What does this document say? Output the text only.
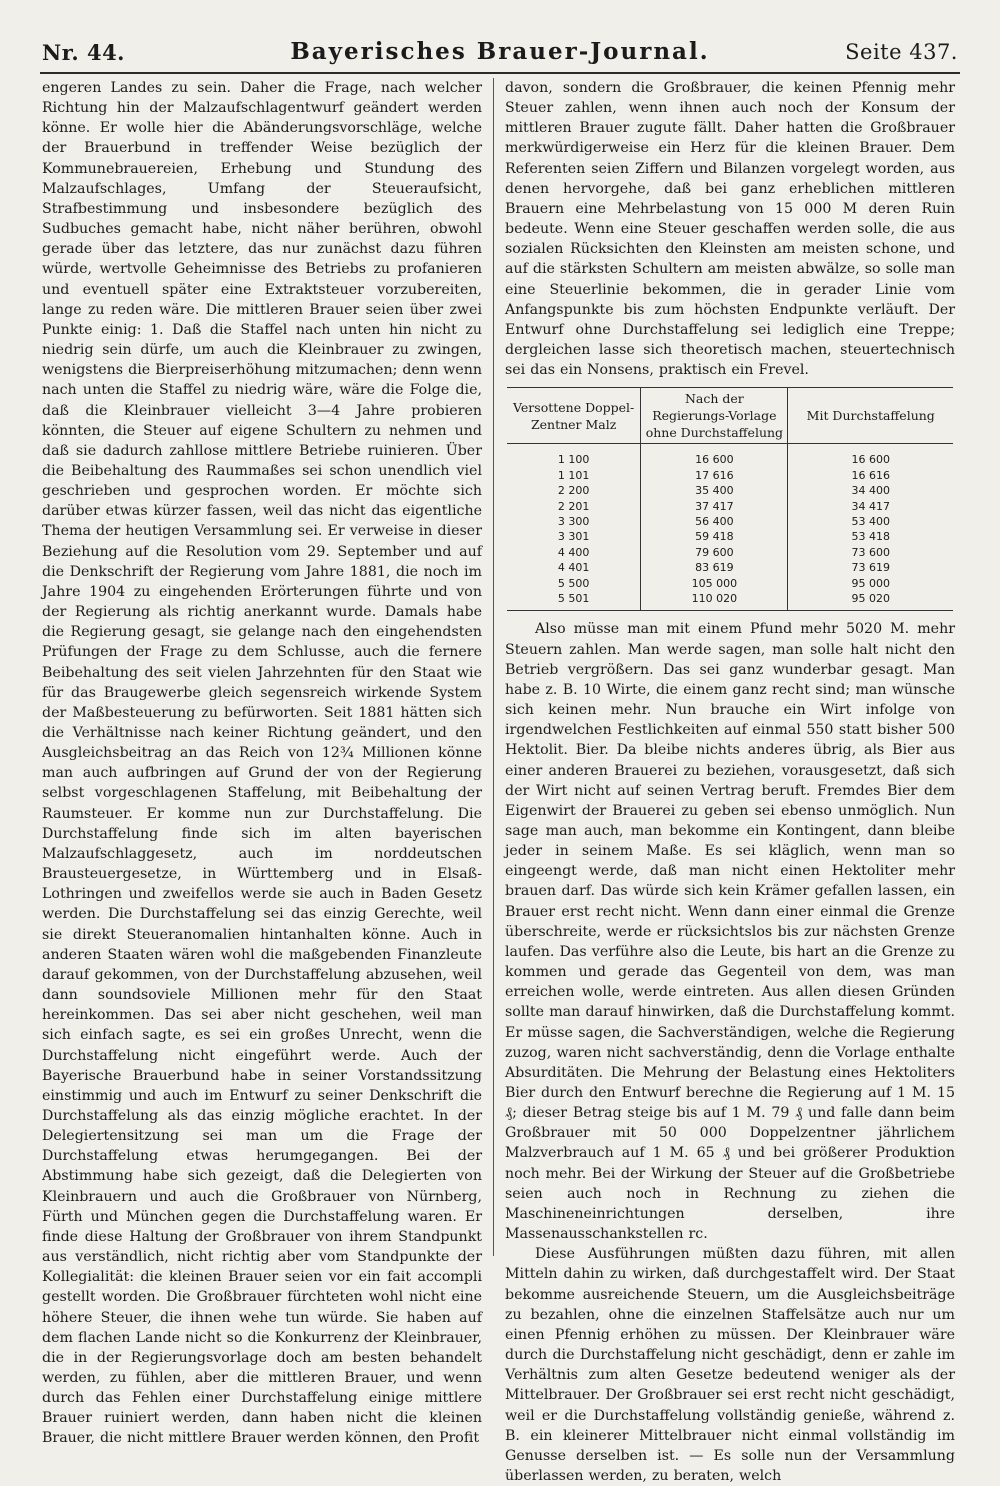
Nr. 44.	Bayerisches Brauer-Journal.	Seite 437.

engeren Landes zu sein. Daher die Frage, nach welcher Richtung hin der Malzaufschlagentwurf geändert werden könne. Er wolle hier die Abänderungsvorschläge, welche der Brauerbund in treffender Weise bezüglich der Kommunebrauereien, Erhebung und Stundung des Malzaufschlages, Umfang der Steueraufsicht, Strafbestimmung und insbesondere bezüglich des Sudbuches gemacht habe, nicht näher berühren, obwohl gerade über das letztere, das nur zunächst dazu führen würde, wertvolle Geheimnisse des Betriebs zu profanieren und eventuell später eine Extraktsteuer vorzubereiten, lange zu reden wäre. Die mittleren Brauer seien über zwei Punkte einig: 1. Daß die Staffel nach unten hin nicht zu niedrig sein dürfe, um auch die Kleinbrauer zu zwingen, wenigstens die Bierpreiserhöhung mitzumachen; denn wenn nach unten die Staffel zu niedrig wäre, wäre die Folge die, daß die Kleinbrauer vielleicht 3—4 Jahre probieren könnten, die Steuer auf eigene Schultern zu nehmen und daß sie dadurch zahllose mittlere Betriebe ruinieren. Über die Beibehaltung des Raummaßes sei schon unendlich viel geschrieben und gesprochen worden. Er möchte sich darüber etwas kürzer fassen, weil das nicht das eigentliche Thema der heutigen Versammlung sei. Er verweise in dieser Beziehung auf die Resolution vom 29. September und auf die Denkschrift der Regierung vom Jahre 1881, die noch im Jahre 1904 zu eingehenden Erörterungen führte und von der Regierung als richtig anerkannt wurde. Damals habe die Regierung gesagt, sie gelange nach den eingehendsten Prüfungen der Frage zu dem Schlusse, auch die fernere Beibehaltung des seit vielen Jahrzehnten für den Staat wie für das Braugewerbe gleich segensreich wirkende System der Maßbesteuerung zu befürworten. Seit 1881 hätten sich die Verhältnisse nach keiner Richtung geändert, und den Ausgleichsbeitrag an das Reich von 12¾ Millionen könne man auch aufbringen auf Grund der von der Regierung selbst vorgeschlagenen Staffelung, mit Beibehaltung der Raumsteuer. Er komme nun zur Durchstaffelung. Die Durchstaffelung finde sich im alten bayerischen Malzaufschlaggesetz, auch im norddeutschen Brausteuergesetze, in Württemberg und in Elsaß-Lothringen und zweifellos werde sie auch in Baden Gesetz werden. Die Durchstaffelung sei das einzig Gerechte, weil sie direkt Steueranomalien hintanhalten könne. Auch in anderen Staaten wären wohl die maßgebenden Finanzleute darauf gekommen, von der Durchstaffelung abzusehen, weil dann soundsoviele Millionen mehr für den Staat hereinkommen. Das sei aber nicht geschehen, weil man sich einfach sagte, es sei ein großes Unrecht, wenn die Durchstaffelung nicht eingeführt werde. Auch der Bayerische Brauerbund habe in seiner Vorstandssitzung einstimmig und auch im Entwurf zu seiner Denkschrift die Durchstaffelung als das einzig mögliche erachtet. In der Delegiertensitzung sei man um die Frage der Durchstaffelung etwas herumgegangen. Bei der Abstimmung habe sich gezeigt, daß die Delegierten von Kleinbrauern und auch die Großbrauer von Nürnberg, Fürth und München gegen die Durchstaffelung waren. Er finde diese Haltung der Großbrauer von ihrem Standpunkt aus verständlich, nicht richtig aber vom Standpunkte der Kollegialität: die kleinen Brauer seien vor ein fait accompli gestellt worden. Die Großbrauer fürchteten wohl nicht eine höhere Steuer, die ihnen wehe tun würde. Sie haben auf dem flachen Lande nicht so die Konkurrenz der Kleinbrauer, die in der Regierungsvorlage doch am besten behandelt werden, zu fühlen, aber die mittleren Brauer, und wenn durch das Fehlen einer Durchstaffelung einige mittlere Brauer ruiniert werden, dann haben nicht die kleinen Brauer, die nicht mittlere Brauer werden können, den Profit

davon, sondern die Großbrauer, die keinen Pfennig mehr Steuer zahlen, wenn ihnen auch noch der Konsum der mittleren Brauer zugute fällt. Daher hatten die Großbrauer merkwürdigerweise ein Herz für die kleinen Brauer. Dem Referenten seien Ziffern und Bilanzen vorgelegt worden, aus denen hervorgehe, daß bei ganz erheblichen mittleren Brauern eine Mehrbelastung von 15 000 M deren Ruin bedeute. Wenn eine Steuer geschaffen werden solle, die aus sozialen Rücksichten den Kleinsten am meisten schone, und auf die stärksten Schultern am meisten abwälze, so solle man eine Steuerlinie bekommen, die in gerader Linie vom Anfangspunkte bis zum höchsten Endpunkte verläuft. Der Entwurf ohne Durchstaffelung sei lediglich eine Treppe; dergleichen lasse sich theoretisch machen, steuertechnisch sei das ein Nonsens, praktisch ein Frevel.

Versottene Doppel-Zentner Malz	Nach der Regierungs-Vorlage ohne Durchstaffelung	Mit Durchstaffelung
1 100	16 600	16 600
1 101	17 616	16 616
2 200	35 400	34 400
2 201	37 417	34 417
3 300	56 400	53 400
3 301	59 418	53 418
4 400	79 600	73 600
4 401	83 619	73 619
5 500	105 000	95 000
5 501	110 020	95 020

Also müsse man mit einem Pfund mehr 5020 M. mehr Steuern zahlen. Man werde sagen, man solle halt nicht den Betrieb vergrößern. Das sei ganz wunderbar gesagt. Man habe z. B. 10 Wirte, die einem ganz recht sind; man wünsche sich keinen mehr. Nun brauche ein Wirt infolge von irgendwelchen Festlichkeiten auf einmal 550 statt bisher 500 Hektolit. Bier. Da bleibe nichts anderes übrig, als Bier aus einer anderen Brauerei zu beziehen, vorausgesetzt, daß sich der Wirt nicht auf seinen Vertrag beruft. Fremdes Bier dem Eigenwirt der Brauerei zu geben sei ebenso unmöglich. Nun sage man auch, man bekomme ein Kontingent, dann bleibe jeder in seinem Maße. Es sei kläglich, wenn man so eingeengt werde, daß man nicht einen Hektoliter mehr brauen darf. Das würde sich kein Krämer gefallen lassen, ein Brauer erst recht nicht. Wenn dann einer einmal die Grenze überschreite, werde er rücksichtslos bis zur nächsten Grenze laufen. Das verführe also die Leute, bis hart an die Grenze zu kommen und gerade das Gegenteil von dem, was man erreichen wolle, werde eintreten. Aus allen diesen Gründen sollte man darauf hinwirken, daß die Durchstaffelung kommt. Er müsse sagen, die Sachverständigen, welche die Regierung zuzog, waren nicht sachverständig, denn die Vorlage enthalte Absurditäten. Die Mehrung der Belastung eines Hektoliters Bier durch den Entwurf berechne die Regierung auf 1 M. 15 ₰; dieser Betrag steige bis auf 1 M. 79 ₰ und falle dann beim Großbrauer mit 50 000 Doppelzentner jährlichem Malzverbrauch auf 1 M. 65 ₰ und bei größerer Produktion noch mehr. Bei der Wirkung der Steuer auf die Großbetriebe seien auch noch in Rechnung zu ziehen die Maschineneinrichtungen derselben, ihre Massenausschankstellen rc.

Diese Ausführungen müßten dazu führen, mit allen Mitteln dahin zu wirken, daß durchgestaffelt wird. Der Staat bekomme ausreichende Steuern, um die Ausgleichsbeiträge zu bezahlen, ohne die einzelnen Staffelsätze auch nur um einen Pfennig erhöhen zu müssen. Der Kleinbrauer wäre durch die Durchstaffelung nicht geschädigt, denn er zahle im Verhältnis zum alten Gesetze bedeutend weniger als der Mittelbrauer. Der Großbrauer sei erst recht nicht geschädigt, weil er die Durchstaffelung vollständig genieße, während z. B. ein kleinerer Mittelbrauer nicht einmal vollständig im Genusse derselben ist. — Es solle nun der Versammlung überlassen werden, zu beraten, welch
